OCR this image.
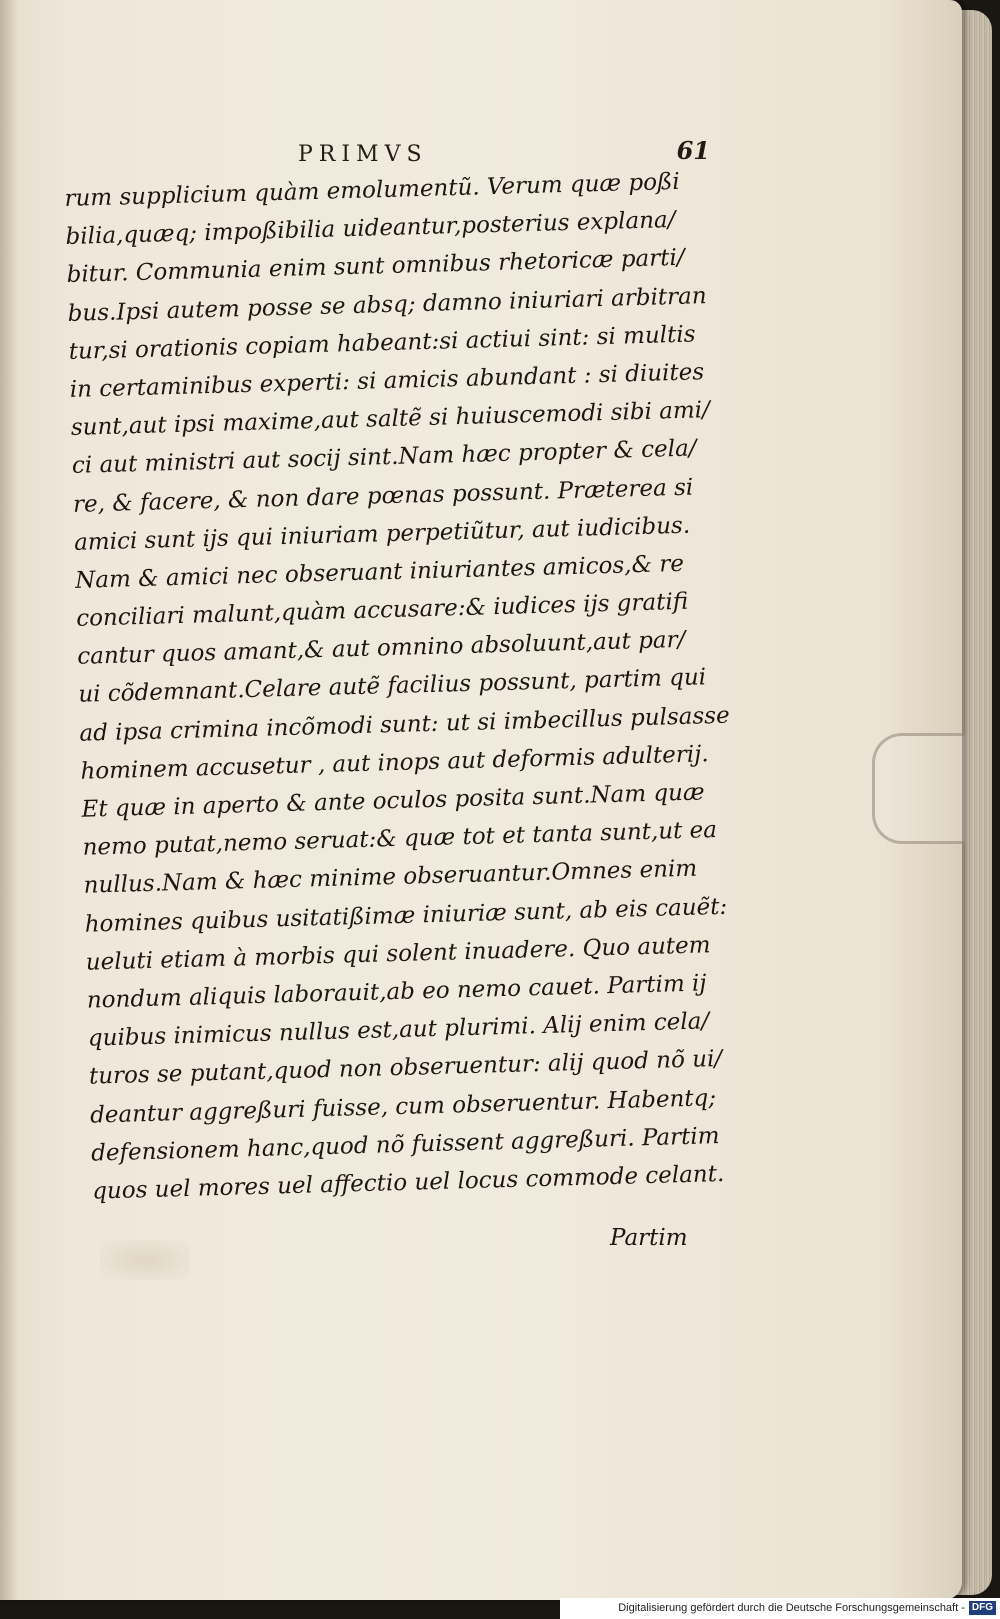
PRIMVS	61
rum supplicium quàm emolumentũ. Verum quæ poßi
bilia,quæq; impoßibilia uideantur,posterius explana/
bitur. Communia enim sunt omnibus rhetoricæ parti/
bus.Ipsi autem posse se absq; damno iniuriari arbitran
tur,si orationis copiam habeant:si actiui sint: si multis
in certaminibus experti: si amicis abundant : si diuites
sunt,aut ipsi maxime,aut saltẽ si huiuscemodi sibi ami/
ci aut ministri aut socij sint.Nam hæc propter & cela/
re, & facere, & non dare pœnas possunt. Præterea si
amici sunt ijs qui iniuriam perpetiũtur, aut iudicibus.
Nam & amici nec obseruant iniuriantes amicos,& re
conciliari malunt,quàm accusare:& iudices ijs gratifi
cantur quos amant,& aut omnino absoluunt,aut par/
ui cõdemnant.Celare autẽ facilius possunt, partim qui
ad ipsa crimina incõmodi sunt: ut si imbecillus pulsasse
hominem accusetur , aut inops aut deformis adulterij.
Et quæ in aperto & ante oculos posita sunt.Nam quæ
nemo putat,nemo seruat:& quæ tot et tanta sunt,ut ea
nullus.Nam & hæc minime obseruantur.Omnes enim
homines quibus usitatißimæ iniuriæ sunt, ab eis cauẽt:
ueluti etiam à morbis qui solent inuadere. Quo autem
nondum aliquis laborauit,ab eo nemo cauet. Partim ij
quibus inimicus nullus est,aut plurimi. Alij enim cela/
turos se putant,quod non obseruentur: alij quod nõ ui/
deantur aggreßuri fuisse, cum obseruentur. Habentq;
defensionem hanc,quod nõ fuissent aggreßuri. Partim
quos uel mores uel affectio uel locus commode celant.
Partim
Digitalisierung gefördert durch die Deutsche Forschungsgemeinschaft - DFG
